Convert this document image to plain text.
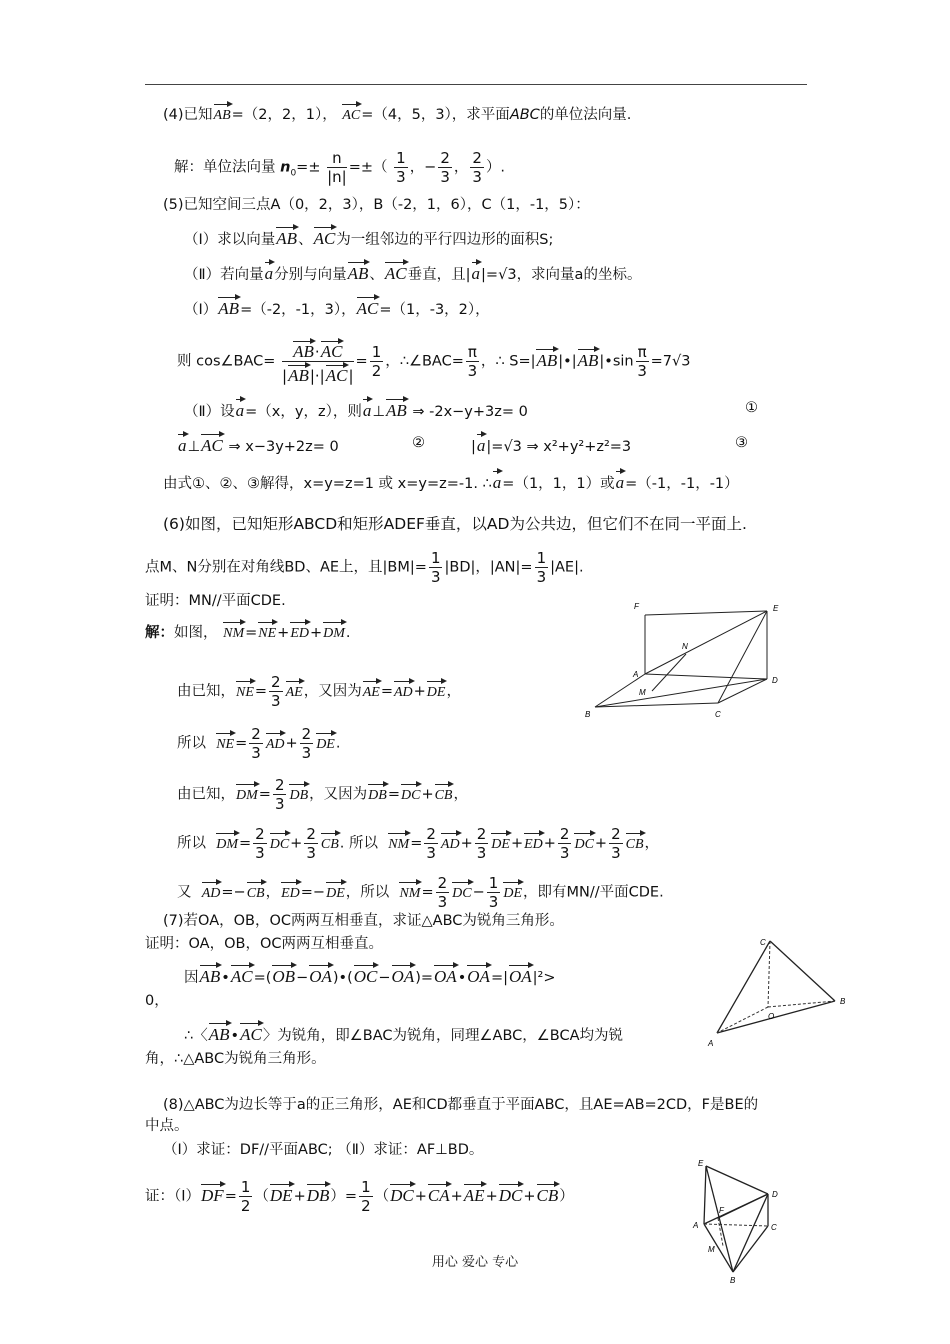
(4)已知AB=（2，2，1）， AC=（4，5，3），求平面ABC的单位法向量.
解：单位法向量 $n_0=\pm \frac{n}{|n|}$ =±（ $\frac{1}{3}$ ，− $\frac{2}{3}$ ， $\frac{2}{3}$ ）.
(5)已知空间三点A（0，2，3），B（-2，1，6），C（1，-1，5）：
（Ⅰ）求以向量AB、AC为一组邻边的平行四边形的面积S;
（Ⅱ）若向量a分别与向量AB、AC垂直，且|a|=√3，求向量a的坐标。
（Ⅰ）AB=（-2，-1，3），AC=（1，-3，2），
则 cos∠BAC= $\frac{AB\cdot AC}{|AB|\cdot|AC|} = \frac{1}{2}$ ，∴∠BAC= $\frac{\pi}{3}$ ，∴ S=|AB|•|AB|•sin $\frac{\pi}{3} =7√3$
（Ⅱ）设a=（x，y，z），则a⊥AB ⇒ -2x−y+3z= 0	①
a⊥AC ⇒ x−3y+2z= 0	②	|a|=√3 ⇒ x²+y²+z²=3	③
由式①、②、③解得，x=y=z=1 或 x=y=z=-1. ∴a=（1，1，1）或a=（-1，-1，-1）
(6)如图，已知矩形ABCD和矩形ADEF垂直，以AD为公共边，但它们不在同一平面上.
点M、N分别在对角线BD、AE上，且$|BM|= \frac{1}{3} |BD|$，$|AN|= \frac{1}{3} |AE|$.
证明：MN//平面CDE.
解：如图， NM=NE+ED+DM.
由已知，$NE= \frac{2}{3}$ AE，又因为AE=AD+DE，
所以 $NE= \frac{2}{3} AD+ \frac{2}{3}$ DE.
由已知，$DM= \frac{2}{3}$ DB，又因为DB=DC+CB，
所以 $DM= \frac{2}{3} DC+ \frac{2}{3}$ CB. 所以 $NM= \frac{2}{3} AD+ \frac{2}{3} DE+ED+ \frac{2}{3} DC+ \frac{2}{3}$ CB，
又 AD=−CB，ED=−DE，所以 $NM= \frac{2}{3} DC- \frac{1}{3}$ DE，即有MN//平面CDE.
F	E
N
A
M
D
B	C
(7)若OA，OB，OC两两互相垂直，求证△ABC为锐角三角形。
证明：OA，OB，OC两两互相垂直。
因AB•AC=(OB−OA)•(OC−OA)=OA•OA=|OA|²>
0，
∴〈AB•AC〉为锐角，即∠BAC为锐角，同理∠ABC，∠BCA均为锐
角，∴△ABC为锐角三角形。
C
O
B
A
(8)△ABC为边长等于a的正三角形，AE和CD都垂直于平面ABC，且AE=AB=2CD，F是BE的
中点。
（Ⅰ）求证：DF//平面ABC; （Ⅱ）求证：AF⊥BD。
证：（Ⅰ）DF= $\frac{1}{2} (DE+DB)= \frac{1}{2} (DC+CA+AE+DC+CB)$
E
D
F
A	C
M
B
用心 爱心 专心
